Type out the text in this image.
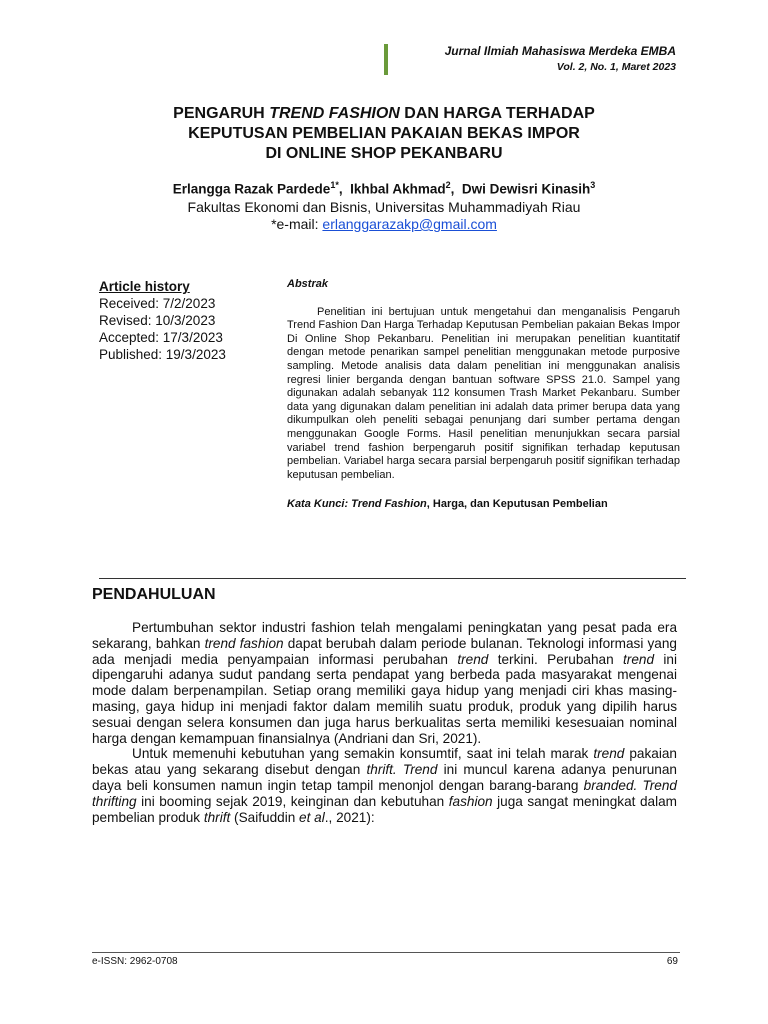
Jurnal Ilmiah Mahasiswa Merdeka EMBA
Vol. 2, No. 1, Maret 2023
PENGARUH TREND FASHION DAN HARGA TERHADAP
KEPUTUSAN PEMBELIAN PAKAIAN BEKAS IMPOR
DI ONLINE SHOP PEKANBARU
Erlangga Razak Pardede$^{1*}$,  Ikhbal Akhmad$^2$,  Dwi Dewisri Kinasih$^3$
Fakultas Ekonomi dan Bisnis, Universitas Muhammadiyah Riau
*e-mail: erlanggarazakp@gmail.com
Article history
Received: 7/2/2023
Revised: 10/3/2023
Accepted: 17/3/2023
Published: 19/3/2023
Abstrak

Penelitian ini bertujuan untuk mengetahui dan menganalisis Pengaruh Trend Fashion Dan Harga Terhadap Keputusan Pembelian pakaian Bekas Impor Di Online Shop Pekanbaru. Penelitian ini merupakan penelitian kuantitatif dengan metode penarikan sampel penelitian menggunakan metode purposive sampling. Metode analisis data dalam penelitian ini menggunakan analisis regresi linier berganda dengan bantuan software SPSS 21.0. Sampel yang digunakan adalah sebanyak 112 konsumen Trash Market Pekanbaru. Sumber data yang digunakan dalam penelitian ini adalah data primer berupa data yang dikumpulkan oleh peneliti sebagai penunjang dari sumber pertama dengan menggunakan Google Forms. Hasil penelitian menunjukkan secara parsial variabel trend fashion berpengaruh positif signifikan terhadap keputusan pembelian. Variabel harga secara parsial berpengaruh positif signifikan terhadap keputusan pembelian.

Kata Kunci: Trend Fashion, Harga, dan Keputusan Pembelian
PENDAHULUAN

Pertumbuhan sektor industri fashion telah mengalami peningkatan yang pesat pada era sekarang, bahkan trend fashion dapat berubah dalam periode bulanan. Teknologi informasi yang ada menjadi media penyampaian informasi perubahan trend terkini. Perubahan trend ini dipengaruhi adanya sudut pandang serta pendapat yang berbeda pada masyarakat mengenai mode dalam berpenampilan. Setiap orang memiliki gaya hidup yang menjadi ciri khas masing-masing, gaya hidup ini menjadi faktor dalam memilih suatu produk, produk yang dipilih harus sesuai dengan selera konsumen dan juga harus berkualitas serta memiliki kesesuaian nominal harga dengan kemampuan finansialnya (Andriani dan Sri, 2021).

Untuk memenuhi kebutuhan yang semakin konsumtif, saat ini telah marak trend pakaian bekas atau yang sekarang disebut dengan thrift. Trend ini muncul karena adanya penurunan daya beli konsumen namun ingin tetap tampil menonjol dengan barang-barang branded. Trend thrifting ini booming sejak 2019, keinginan dan kebutuhan fashion juga sangat meningkat dalam pembelian produk thrift (Saifuddin et al., 2021):

e-ISSN: 2962-0708	69
